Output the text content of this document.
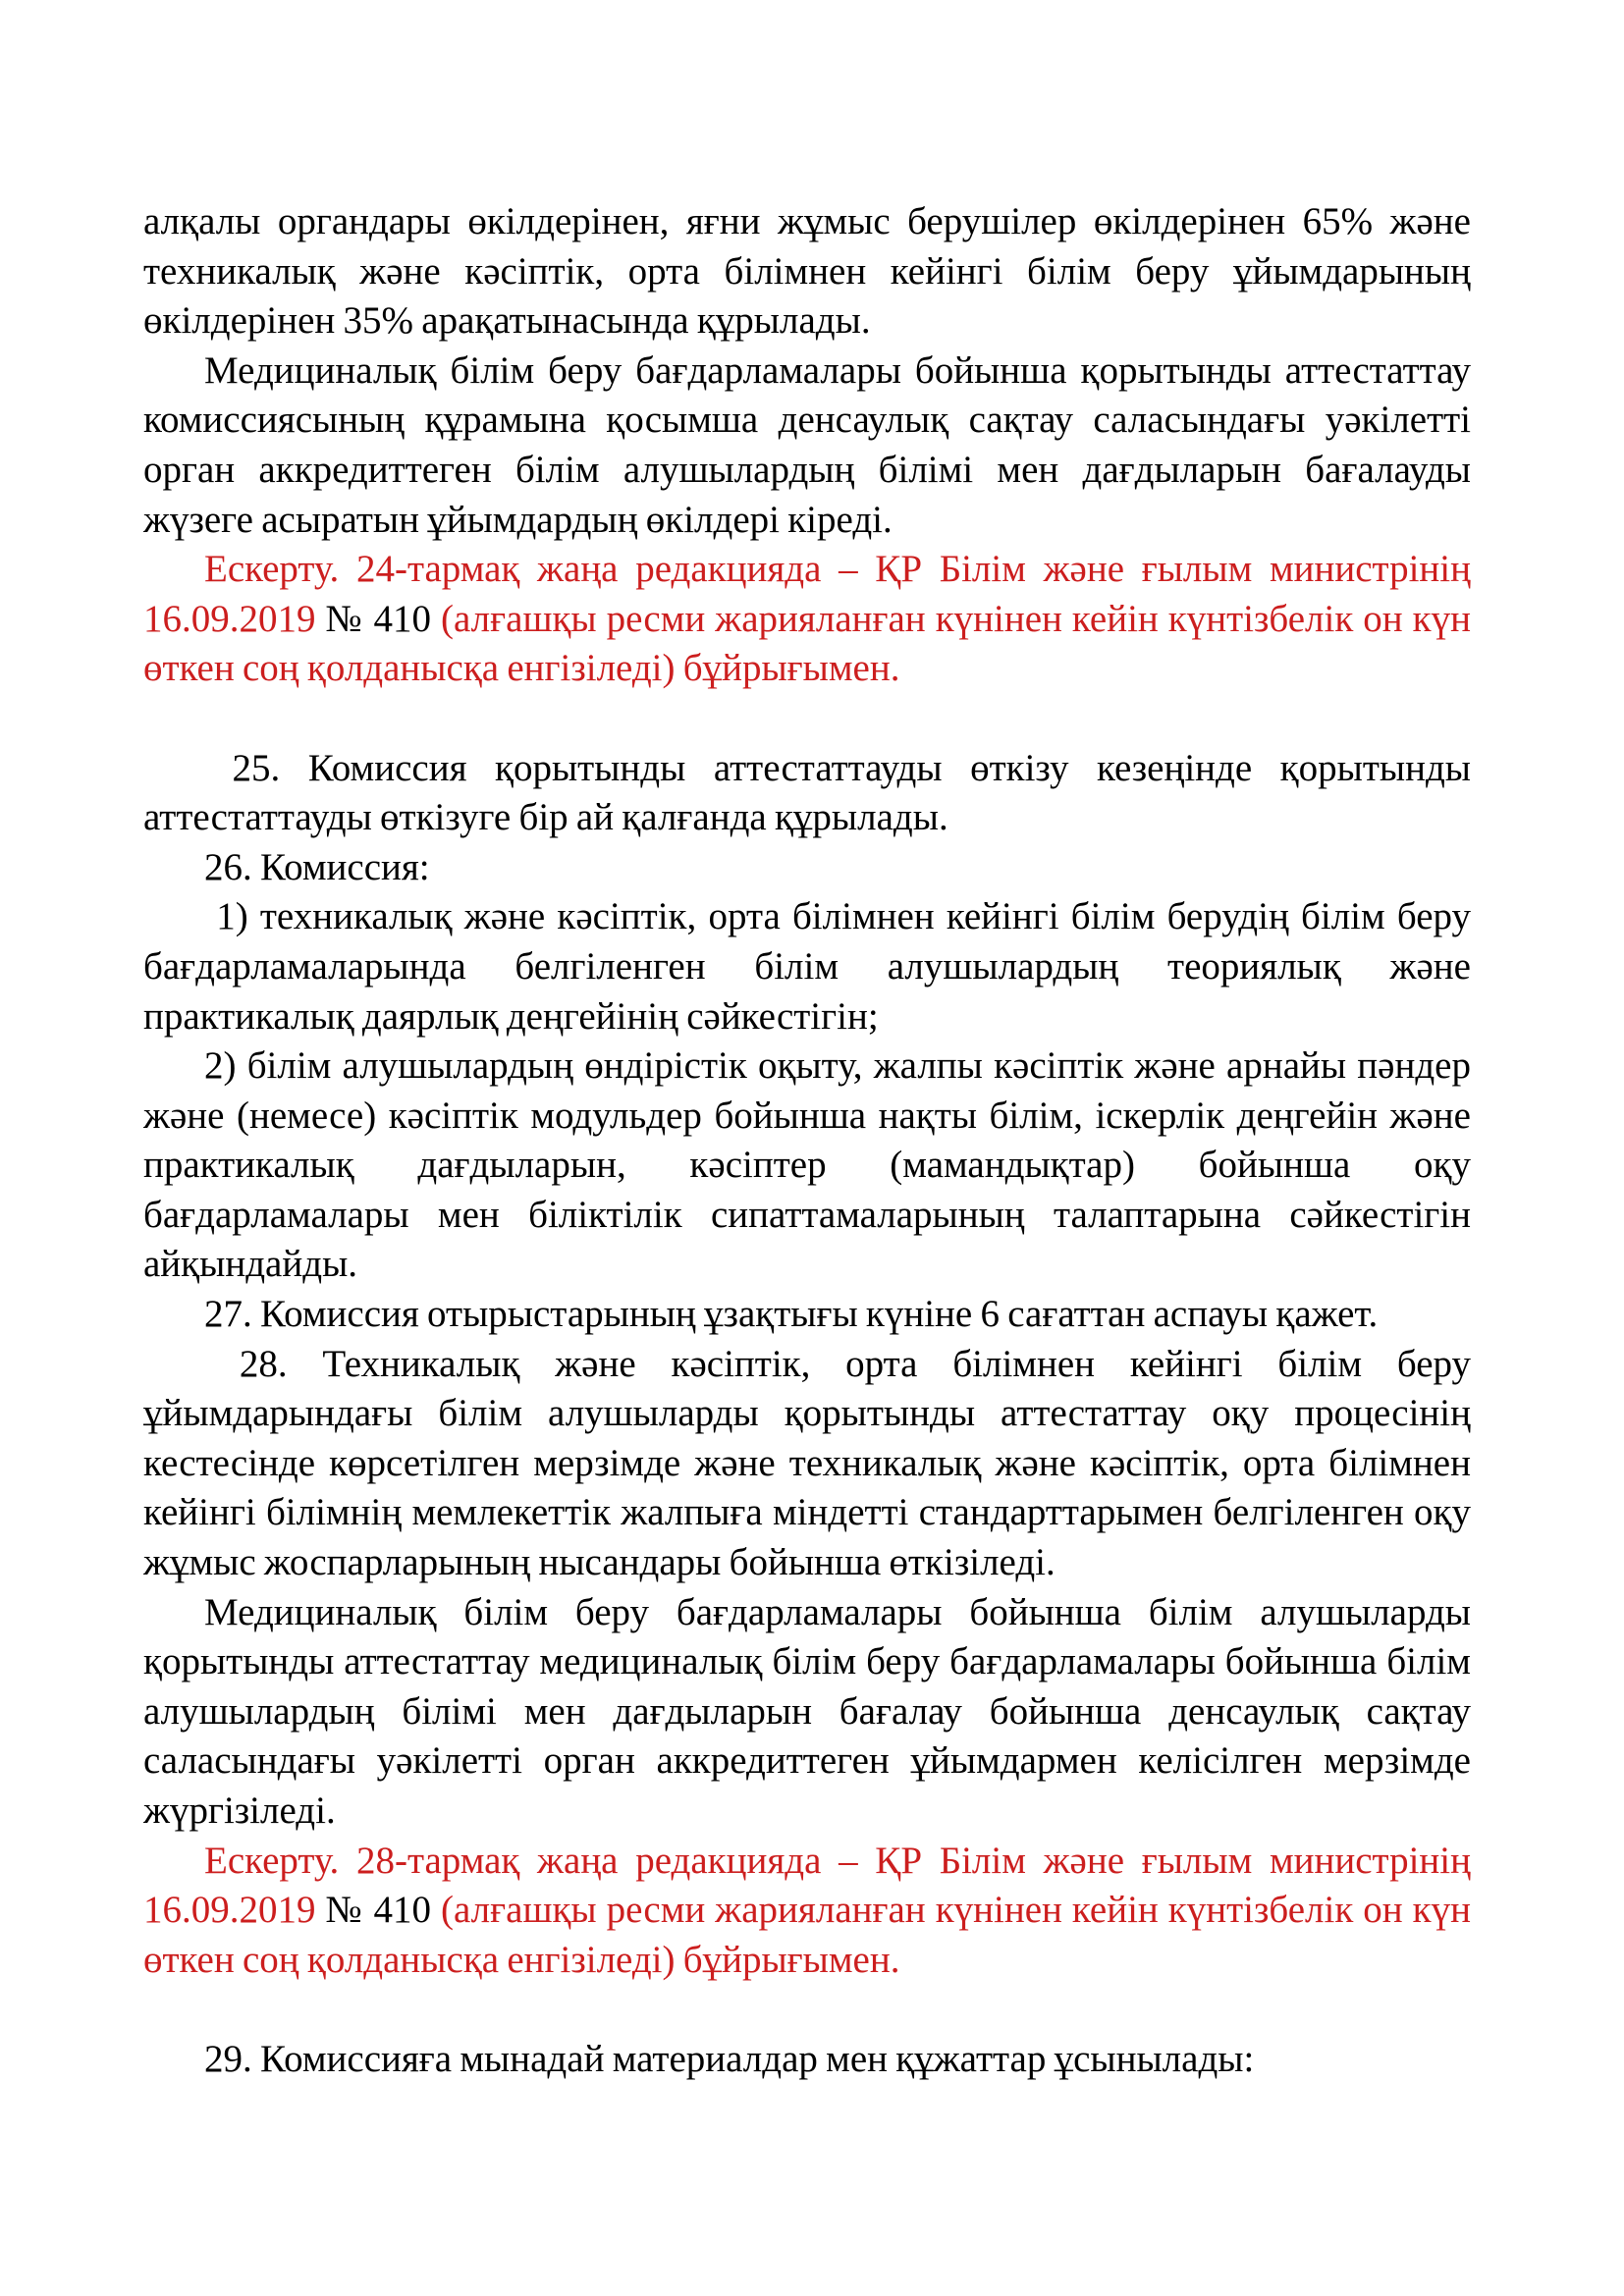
алқалы органдары өкілдерінен, яғни жұмыс берушілер өкілдерінен 65% және
техникалық және кәсіптік, орта білімнен кейінгі білім беру ұйымдарының
өкілдерінен 35% арақатынасында құрылады.
Медициналық білім беру бағдарламалары бойынша қорытынды аттестаттау
комиссиясының құрамына қосымша денсаулық сақтау саласындағы уәкілетті
орган аккредиттеген білім алушылардың білімі мен дағдыларын бағалауды
жүзеге асыратын ұйымдардың өкілдері кіреді.
Ескерту. 24-тармақ жаңа редакцияда – ҚР Білім және ғылым министрінің
16.09.2019 № 410 (алғашқы ресми жарияланған күнінен кейін күнтізбелік он күн
өткен соң қолданысқа енгізіледі) бұйрығымен.
25. Комиссия қорытынды аттестаттауды өткізу кезеңінде қорытынды
аттестаттауды өткізуге бір ай қалғанда құрылады.
26. Комиссия:
1) техникалық және кәсіптік, орта білімнен кейінгі білім берудің білім беру
бағдарламаларында белгіленген білім алушылардың теориялық және
практикалық даярлық деңгейінің сәйкестігін;
2) білім алушылардың өндірістік оқыту, жалпы кәсіптік және арнайы пәндер
және (немесе) кәсіптік модульдер бойынша нақты білім, іскерлік деңгейін және
практикалық дағдыларын, кәсіптер (мамандықтар) бойынша оқу
бағдарламалары мен біліктілік сипаттамаларының талаптарына сәйкестігін
айқындайды.
27. Комиссия отырыстарының ұзақтығы күніне 6 сағаттан аспауы қажет.
28. Техникалық және кәсіптік, орта білімнен кейінгі білім беру
ұйымдарындағы білім алушыларды қорытынды аттестаттау оқу процесінің
кестесінде көрсетілген мерзімде және техникалық және кәсіптік, орта білімнен
кейінгі білімнің мемлекеттік жалпыға міндетті стандарттарымен белгіленген оқу
жұмыс жоспарларының нысандары бойынша өткізіледі.
Медициналық білім беру бағдарламалары бойынша білім алушыларды
қорытынды аттестаттау медициналық білім беру бағдарламалары бойынша білім
алушылардың білімі мен дағдыларын бағалау бойынша денсаулық сақтау
саласындағы уәкілетті орган аккредиттеген ұйымдармен келісілген мерзімде
жүргізіледі.
Ескерту. 28-тармақ жаңа редакцияда – ҚР Білім және ғылым министрінің
16.09.2019 № 410 (алғашқы ресми жарияланған күнінен кейін күнтізбелік он күн
өткен соң қолданысқа енгізіледі) бұйрығымен.
29. Комиссияға мынадай материалдар мен құжаттар ұсынылады:
